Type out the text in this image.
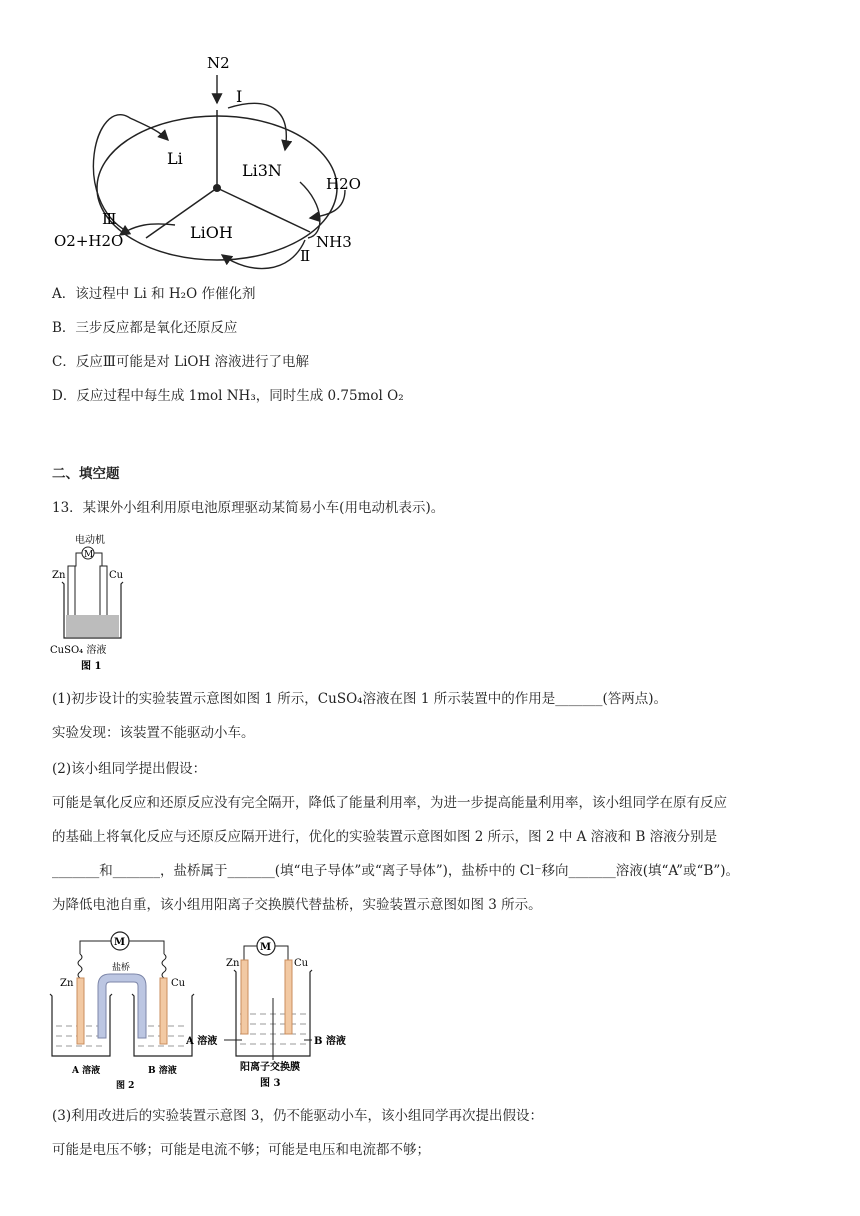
N2
I
Li
Li3N
H2O
Ⅲ
O2+H2O	LiOH	NH3
Ⅱ
A．该过程中 Li 和 H₂O 作催化剂
B．三步反应都是氧化还原反应
C．反应Ⅲ可能是对 LiOH 溶液进行了电解
D．反应过程中每生成 1mol NH₃，同时生成 0.75mol O₂
二、填空题
13．某课外小组利用原电池原理驱动某简易小车(用电动机表示)。
电动机
M
Zn	Cu
CuSO₄ 溶液
图 1
(1)初步设计的实验装置示意图如图 1 所示，CuSO₄溶液在图 1 所示装置中的作用是_______(答两点)。
实验发现：该装置不能驱动小车。
(2)该小组同学提出假设：
可能是氧化反应和还原反应没有完全隔开，降低了能量利用率，为进一步提高能量利用率，该小组同学在原有反应
的基础上将氧化反应与还原反应隔开进行，优化的实验装置示意图如图 2 所示，图 2 中 A 溶液和 B 溶液分别是
_______和_______，盐桥属于_______(填“电子导体”或“离子导体”)，盐桥中的 Cl⁻移向_______溶液(填“A”或“B”)。
为降低电池自重，该小组用阳离子交换膜代替盐桥，实验装置示意图如图 3 所示。
M
Zn	Cu
盐桥
A 溶液	B 溶液
图 2
M
Zn	Cu
A 溶液	B 溶液
阳离子交换膜
图 3
(3)利用改进后的实验装置示意图 3，仍不能驱动小车，该小组同学再次提出假设：
可能是电压不够；可能是电流不够；可能是电压和电流都不够；
